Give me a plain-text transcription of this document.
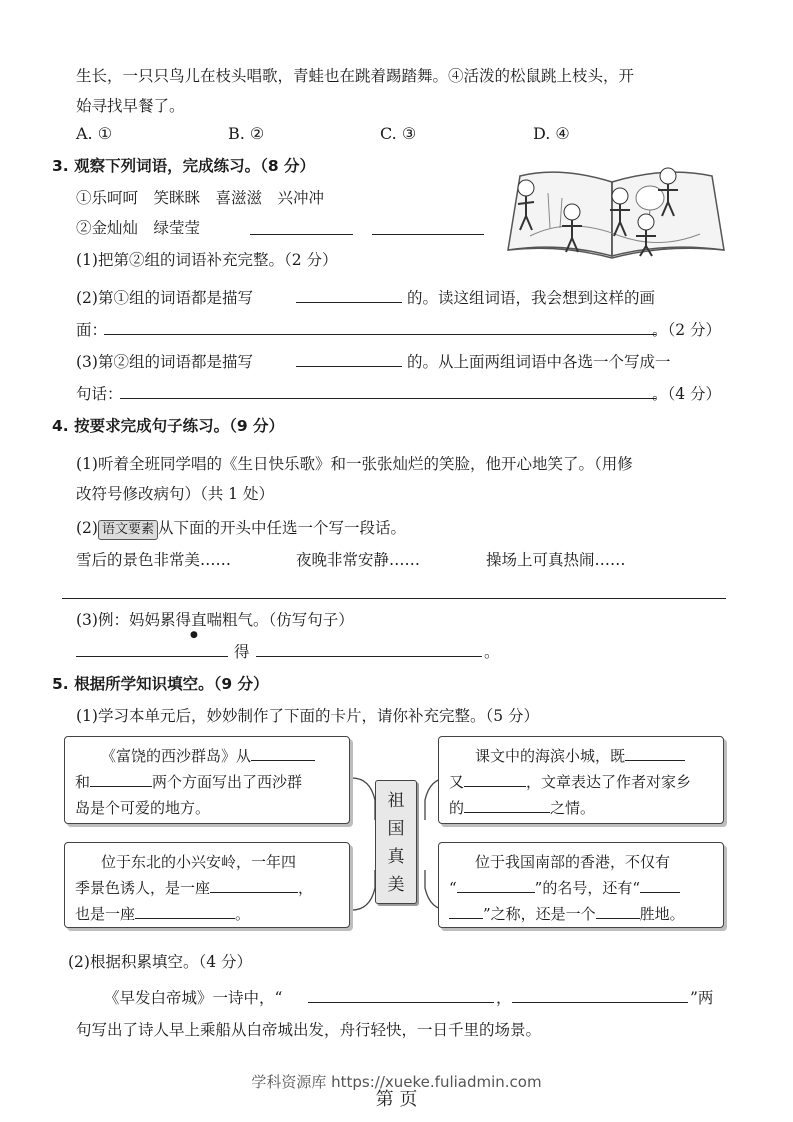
生长，一只只鸟儿在枝头唱歌，青蛙也在跳着踢踏舞。④活泼的松鼠跳上枝头，开
始寻找早餐了。
A. ①	B. ②	C. ③	D. ④
3. 观察下列词语，完成练习。（8 分）
①乐呵呵　笑眯眯　喜滋滋　兴冲冲
②金灿灿　绿莹莹
(1)把第②组的词语补充完整。（2 分）
(2)第①组的词语都是描写	的。读这组词语，我会想到这样的画
面：	。（2 分）
(3)第②组的词语都是描写	的。从上面两组词语中各选一个写成一
句话：	。（4 分）
4. 按要求完成句子练习。（9 分）
(1)听着全班同学唱的《生日快乐歌》和一张张灿烂的笑脸，他开心地笑了。（用修
改符号修改病句）（共 1 处）
(2) 语文要素 从下面的开头中任选一个写一段话。
雪后的景色非常美……	夜晚非常安静……	操场上可真热闹……
(3)例：妈妈累得直喘粗气。（仿写句子）
●
得	。
5. 根据所学知识填空。（9 分）
(1)学习本单元后，妙妙制作了下面的卡片，请你补充完整。（5 分）
《富饶的西沙群岛》从
和	两个方面写出了西沙群
岛是个可爱的地方。
课文中的海滨小城，既
又	，文章表达了作者对家乡
的	之情。
祖
国
真
美
位于东北的小兴安岭，一年四
季景色诱人，是一座	，
也是一座	。
位于我国南部的香港，不仅有
“	”的名号，还有“
”之称，还是一个	胜地。
(2)根据积累填空。（4 分）
《早发白帝城》一诗中，“	，	”两
句写出了诗人早上乘船从白帝城出发，舟行轻快，一日千里的场景。
学科资源库 https://xueke.fuliadmin.com
第 页
